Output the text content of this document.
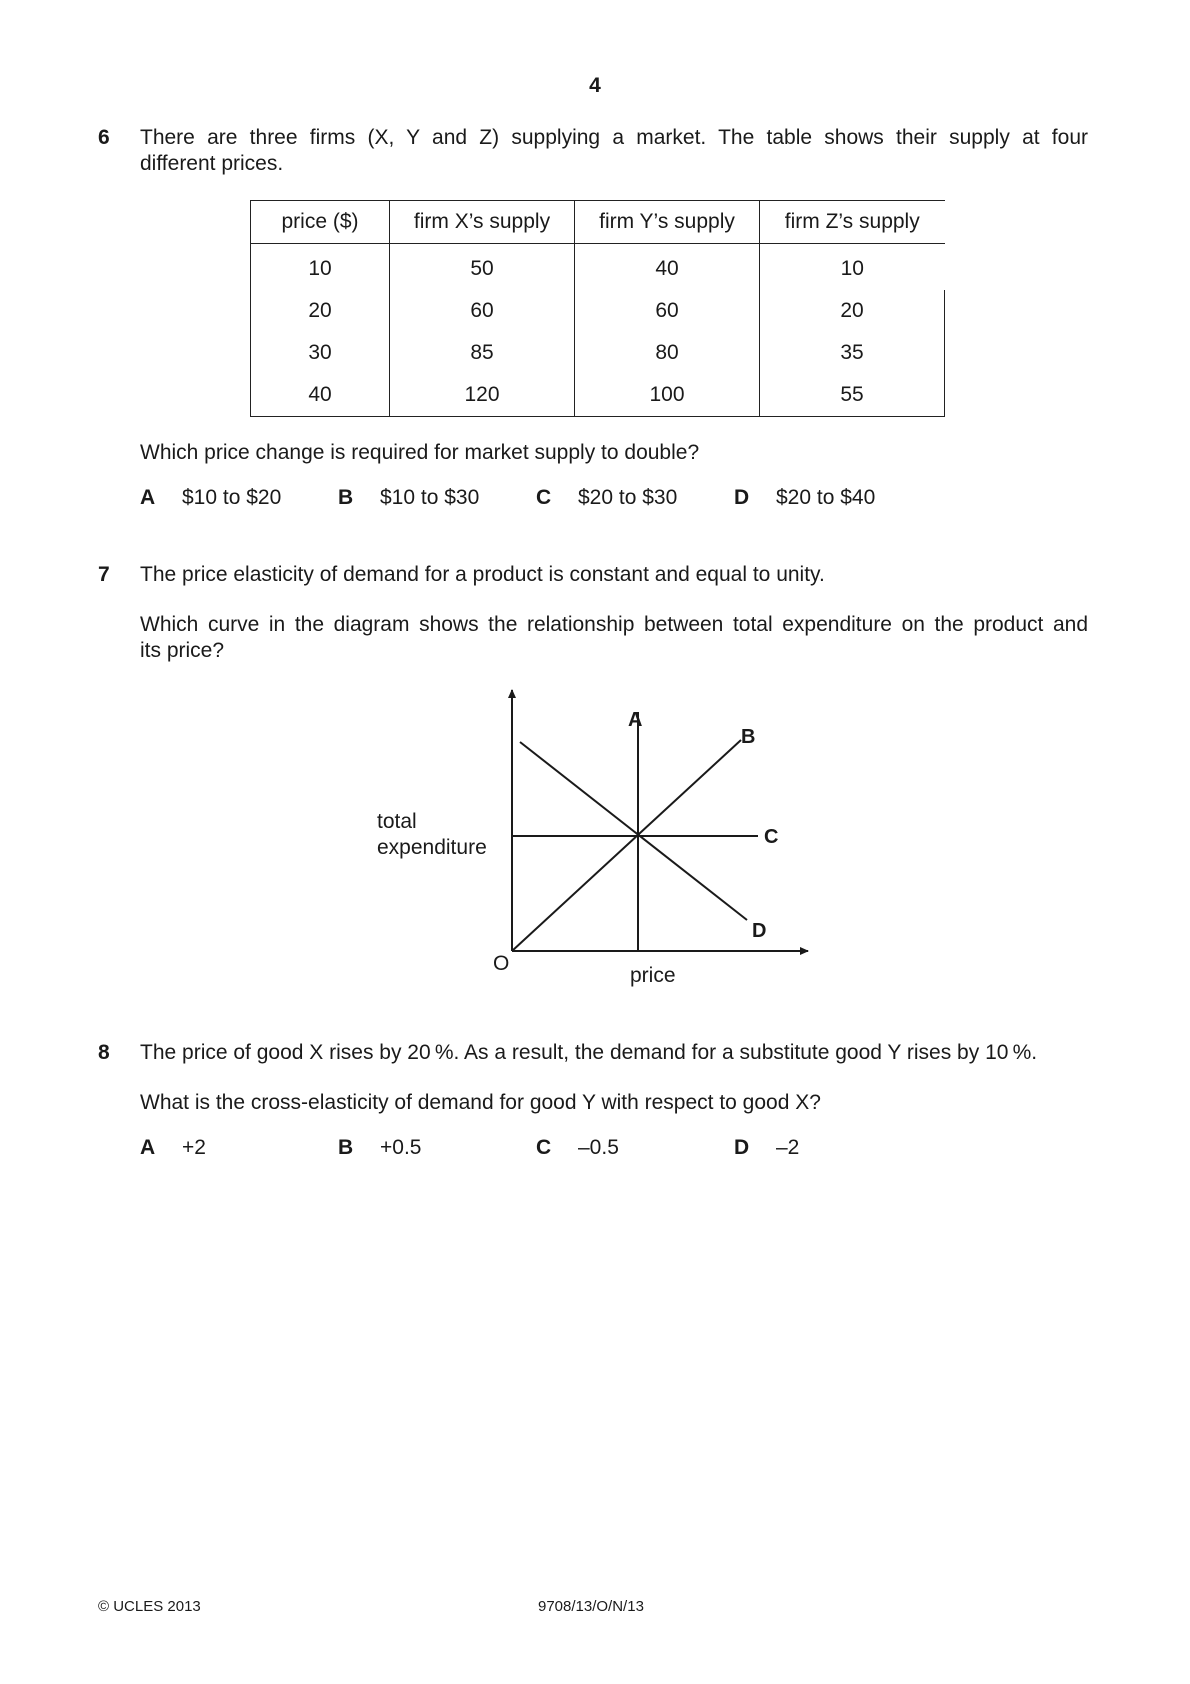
4
6 There are three firms (X, Y and Z) supplying a market. The table shows their supply at four
different prices.
price ($)	firm X’s supply	firm Y’s supply	firm Z’s supply
10	50	40	10
20	60	60	20
30	85	80	35
40	120	100	55
Which price change is required for market supply to double?
A	$10 to $20	B	$10 to $30	C	$20 to $30	D	$20 to $40
7 The price elasticity of demand for a product is constant and equal to unity.
Which curve in the diagram shows the relationship between total expenditure on the product and
its price?
A
B
C
D
total
expenditure
O
price
8 The price of good X rises by 20 %. As a result, the demand for a substitute good Y rises by 10 %.
What is the cross-elasticity of demand for good Y with respect to good X?
A	+2	B	+0.5	C	–0.5	D	–2
© UCLES 2013	9708/13/O/N/13
